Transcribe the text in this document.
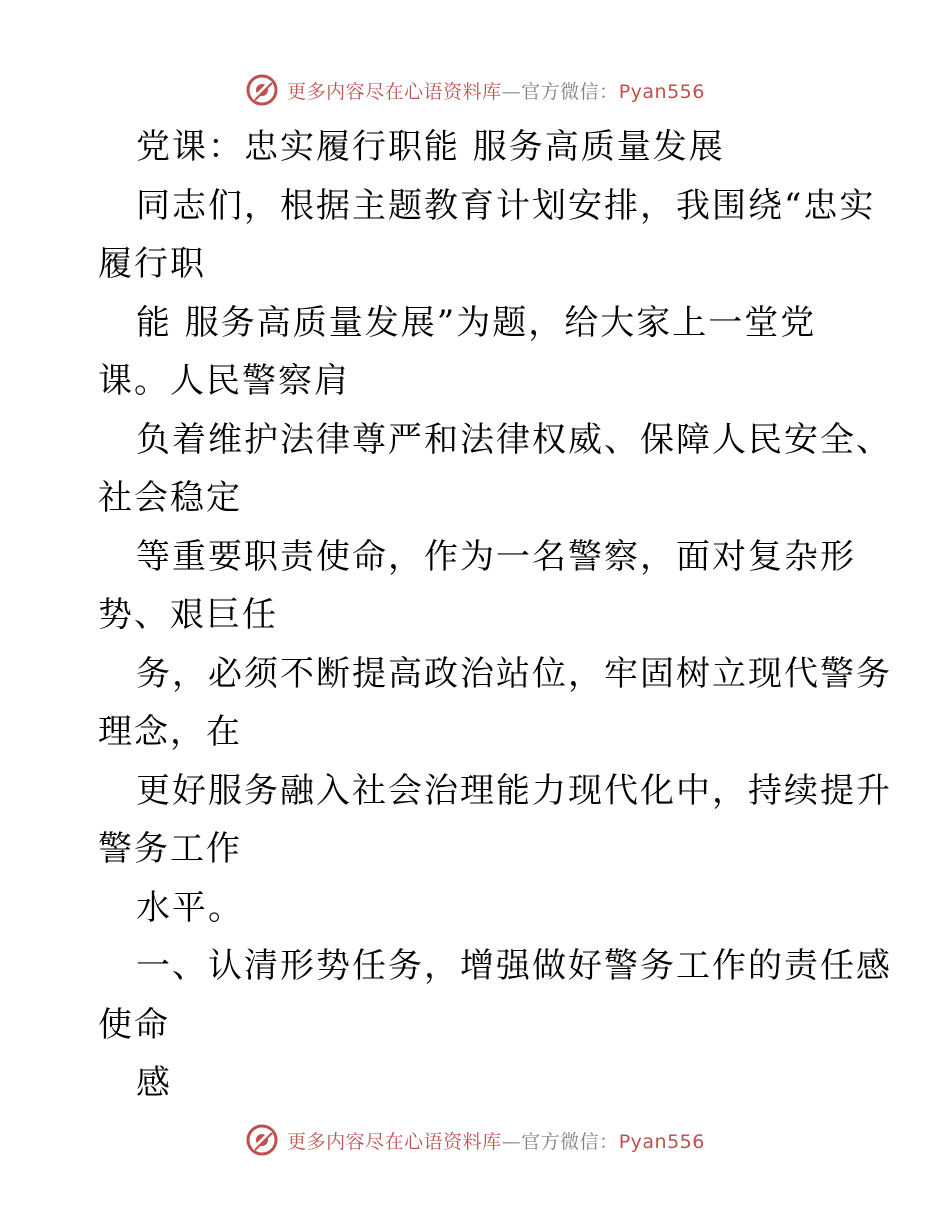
更多内容尽在心语资料库—官方微信：Pyan556
党课：忠实履行职能 服务高质量发展
同志们，根据主题教育计划安排，我围绕“忠实
履行职
能 服务高质量发展”为题，给大家上一堂党
课。人民警察肩
负着维护法律尊严和法律权威、保障人民安全、
社会稳定
等重要职责使命，作为一名警察，面对复杂形
势、艰巨任
务，必须不断提高政治站位，牢固树立现代警务
理念，在
更好服务融入社会治理能力现代化中，持续提升
警务工作
水平。
一、认清形势任务，增强做好警务工作的责任感
使命
感
更多内容尽在心语资料库—官方微信：Pyan556
